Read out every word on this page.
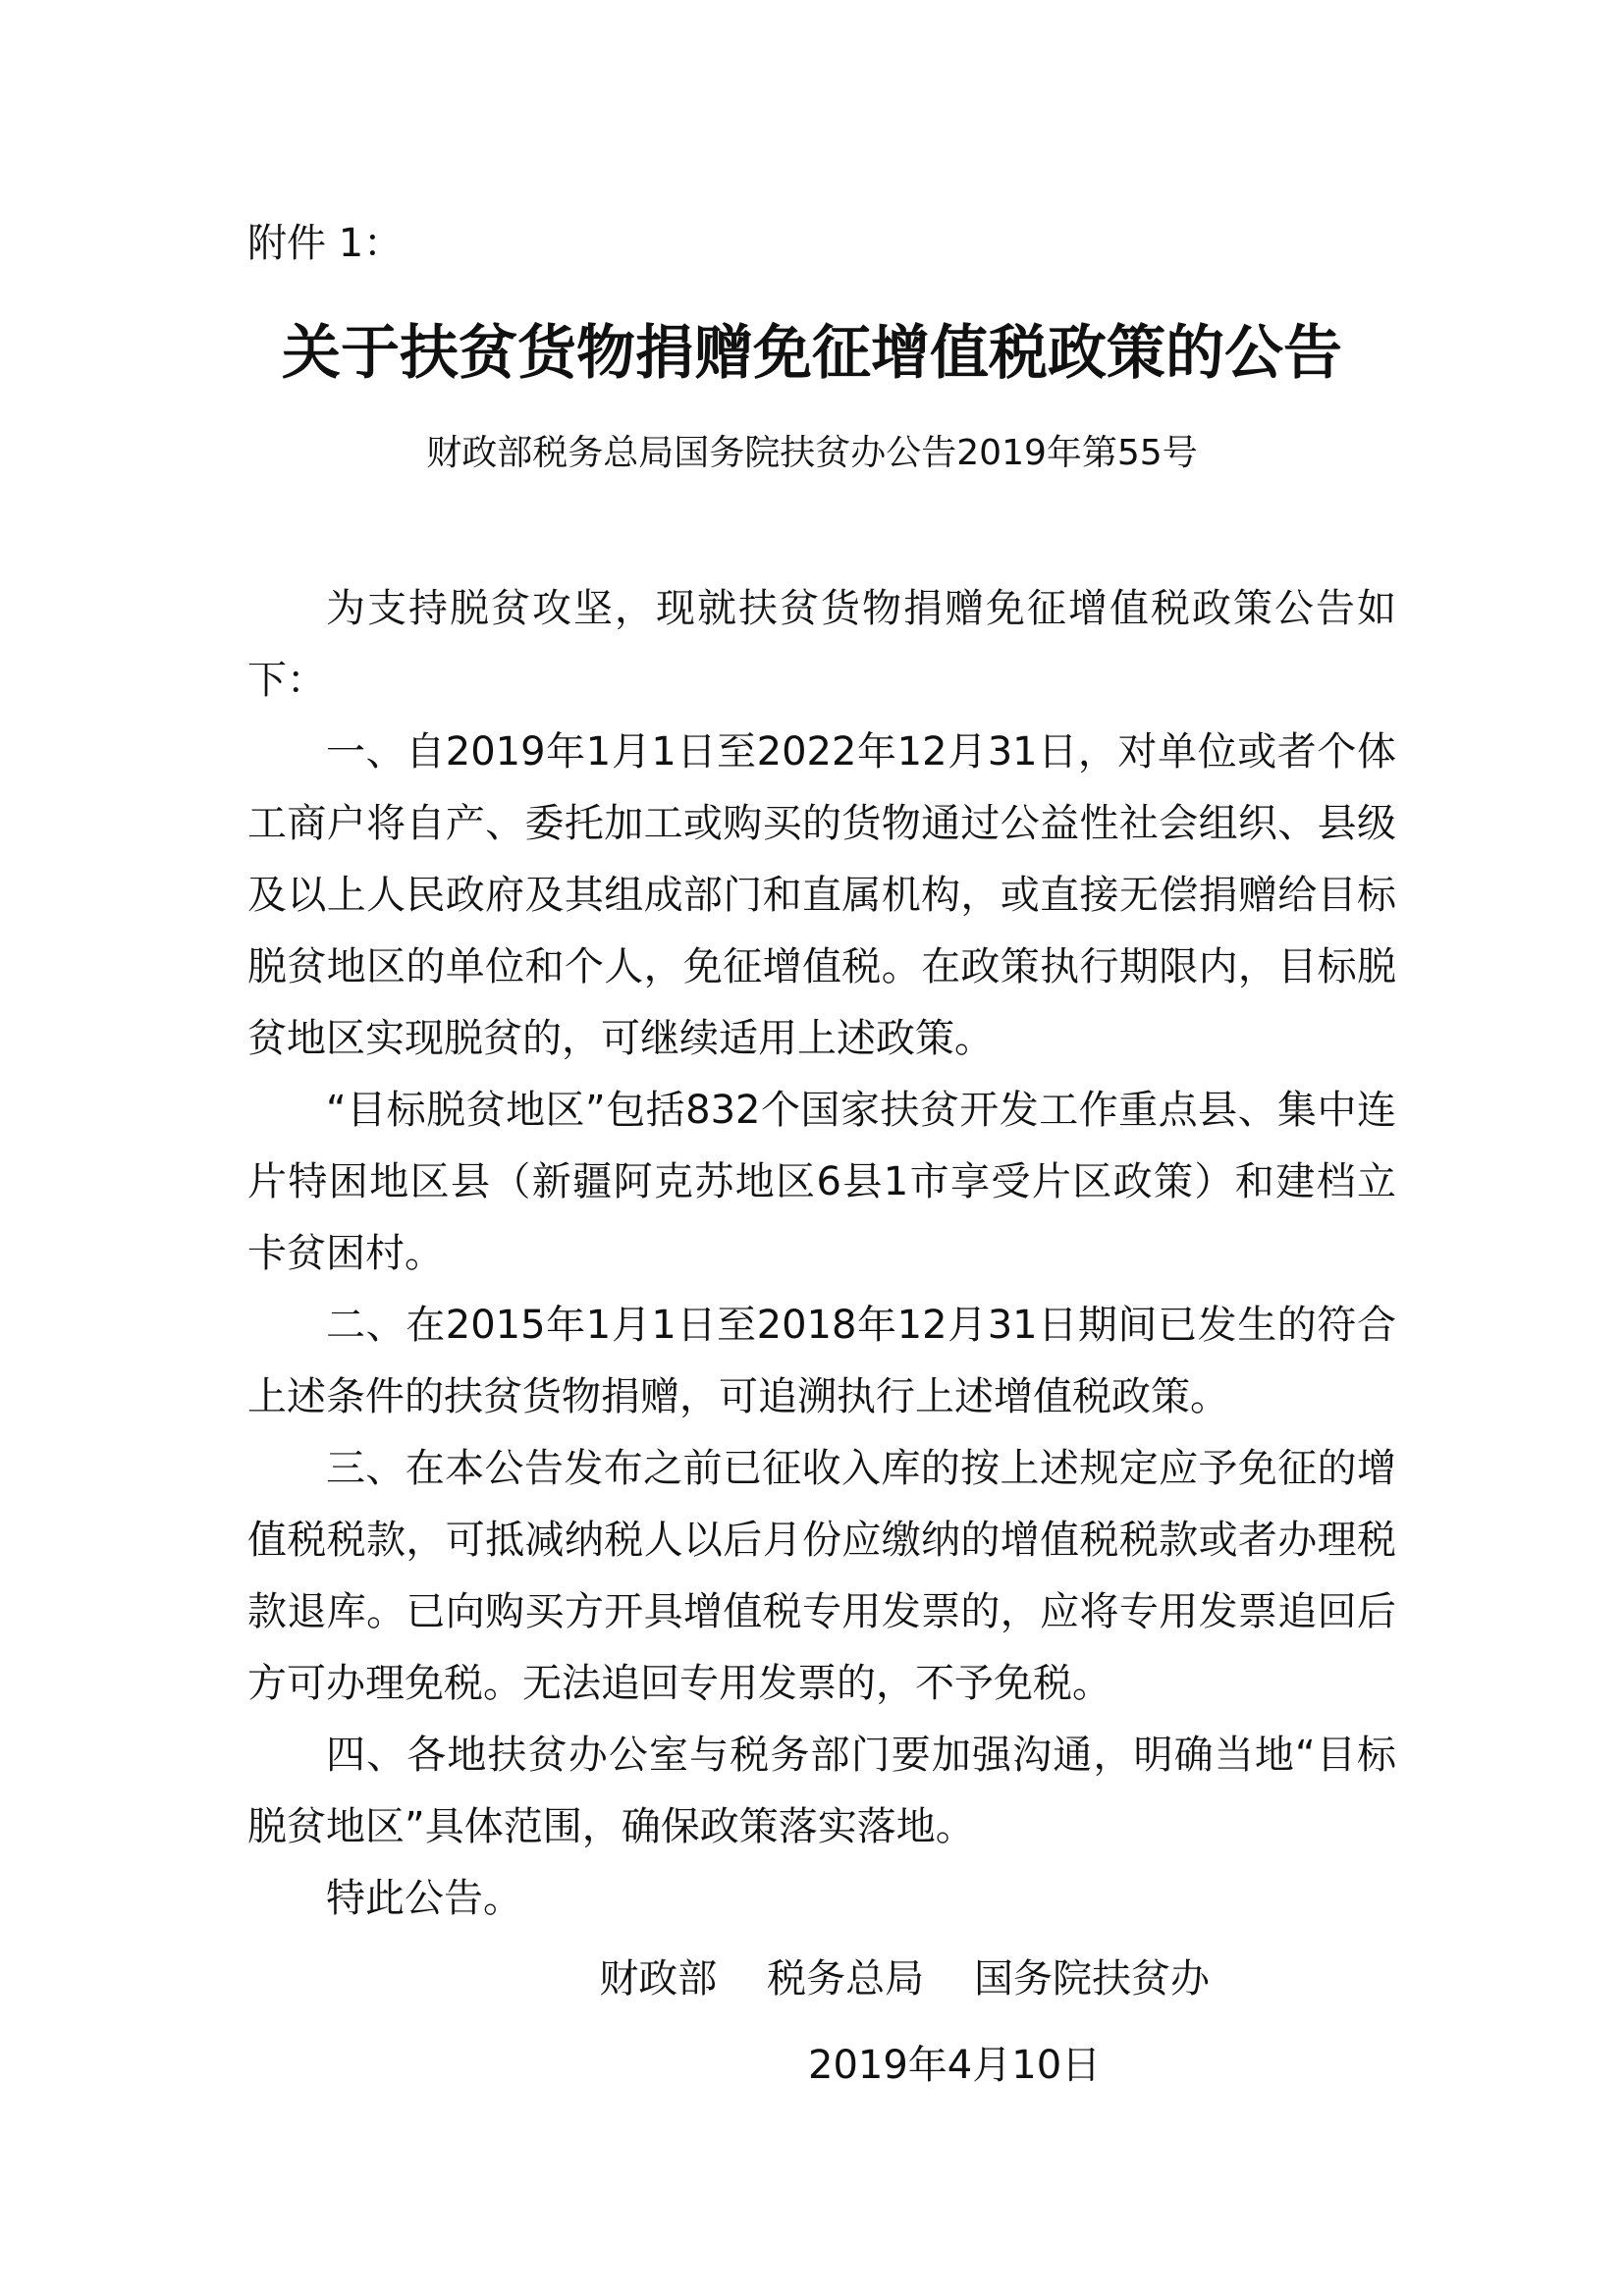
附件 1：
关于扶贫货物捐赠免征增值税政策的公告
财政部税务总局国务院扶贫办公告2019年第55号

为支持脱贫攻坚，现就扶贫货物捐赠免征增值税政策公告如下：

一、自2019年1月1日至2022年12月31日，对单位或者个体工商户将自产、委托加工或购买的货物通过公益性社会组织、县级及以上人民政府及其组成部门和直属机构，或直接无偿捐赠给目标脱贫地区的单位和个人，免征增值税。在政策执行期限内，目标脱贫地区实现脱贫的，可继续适用上述政策。

“目标脱贫地区”包括832个国家扶贫开发工作重点县、集中连片特困地区县（新疆阿克苏地区6县1市享受片区政策）和建档立卡贫困村。

二、在2015年1月1日至2018年12月31日期间已发生的符合上述条件的扶贫货物捐赠，可追溯执行上述增值税政策。

三、在本公告发布之前已征收入库的按上述规定应予免征的增值税税款，可抵减纳税人以后月份应缴纳的增值税税款或者办理税款退库。已向购买方开具增值税专用发票的，应将专用发票追回后方可办理免税。无法追回专用发票的，不予免税。

四、各地扶贫办公室与税务部门要加强沟通，明确当地“目标脱贫地区”具体范围，确保政策落实落地。

特此公告。

财政部    税务总局    国务院扶贫办
2019年4月10日
